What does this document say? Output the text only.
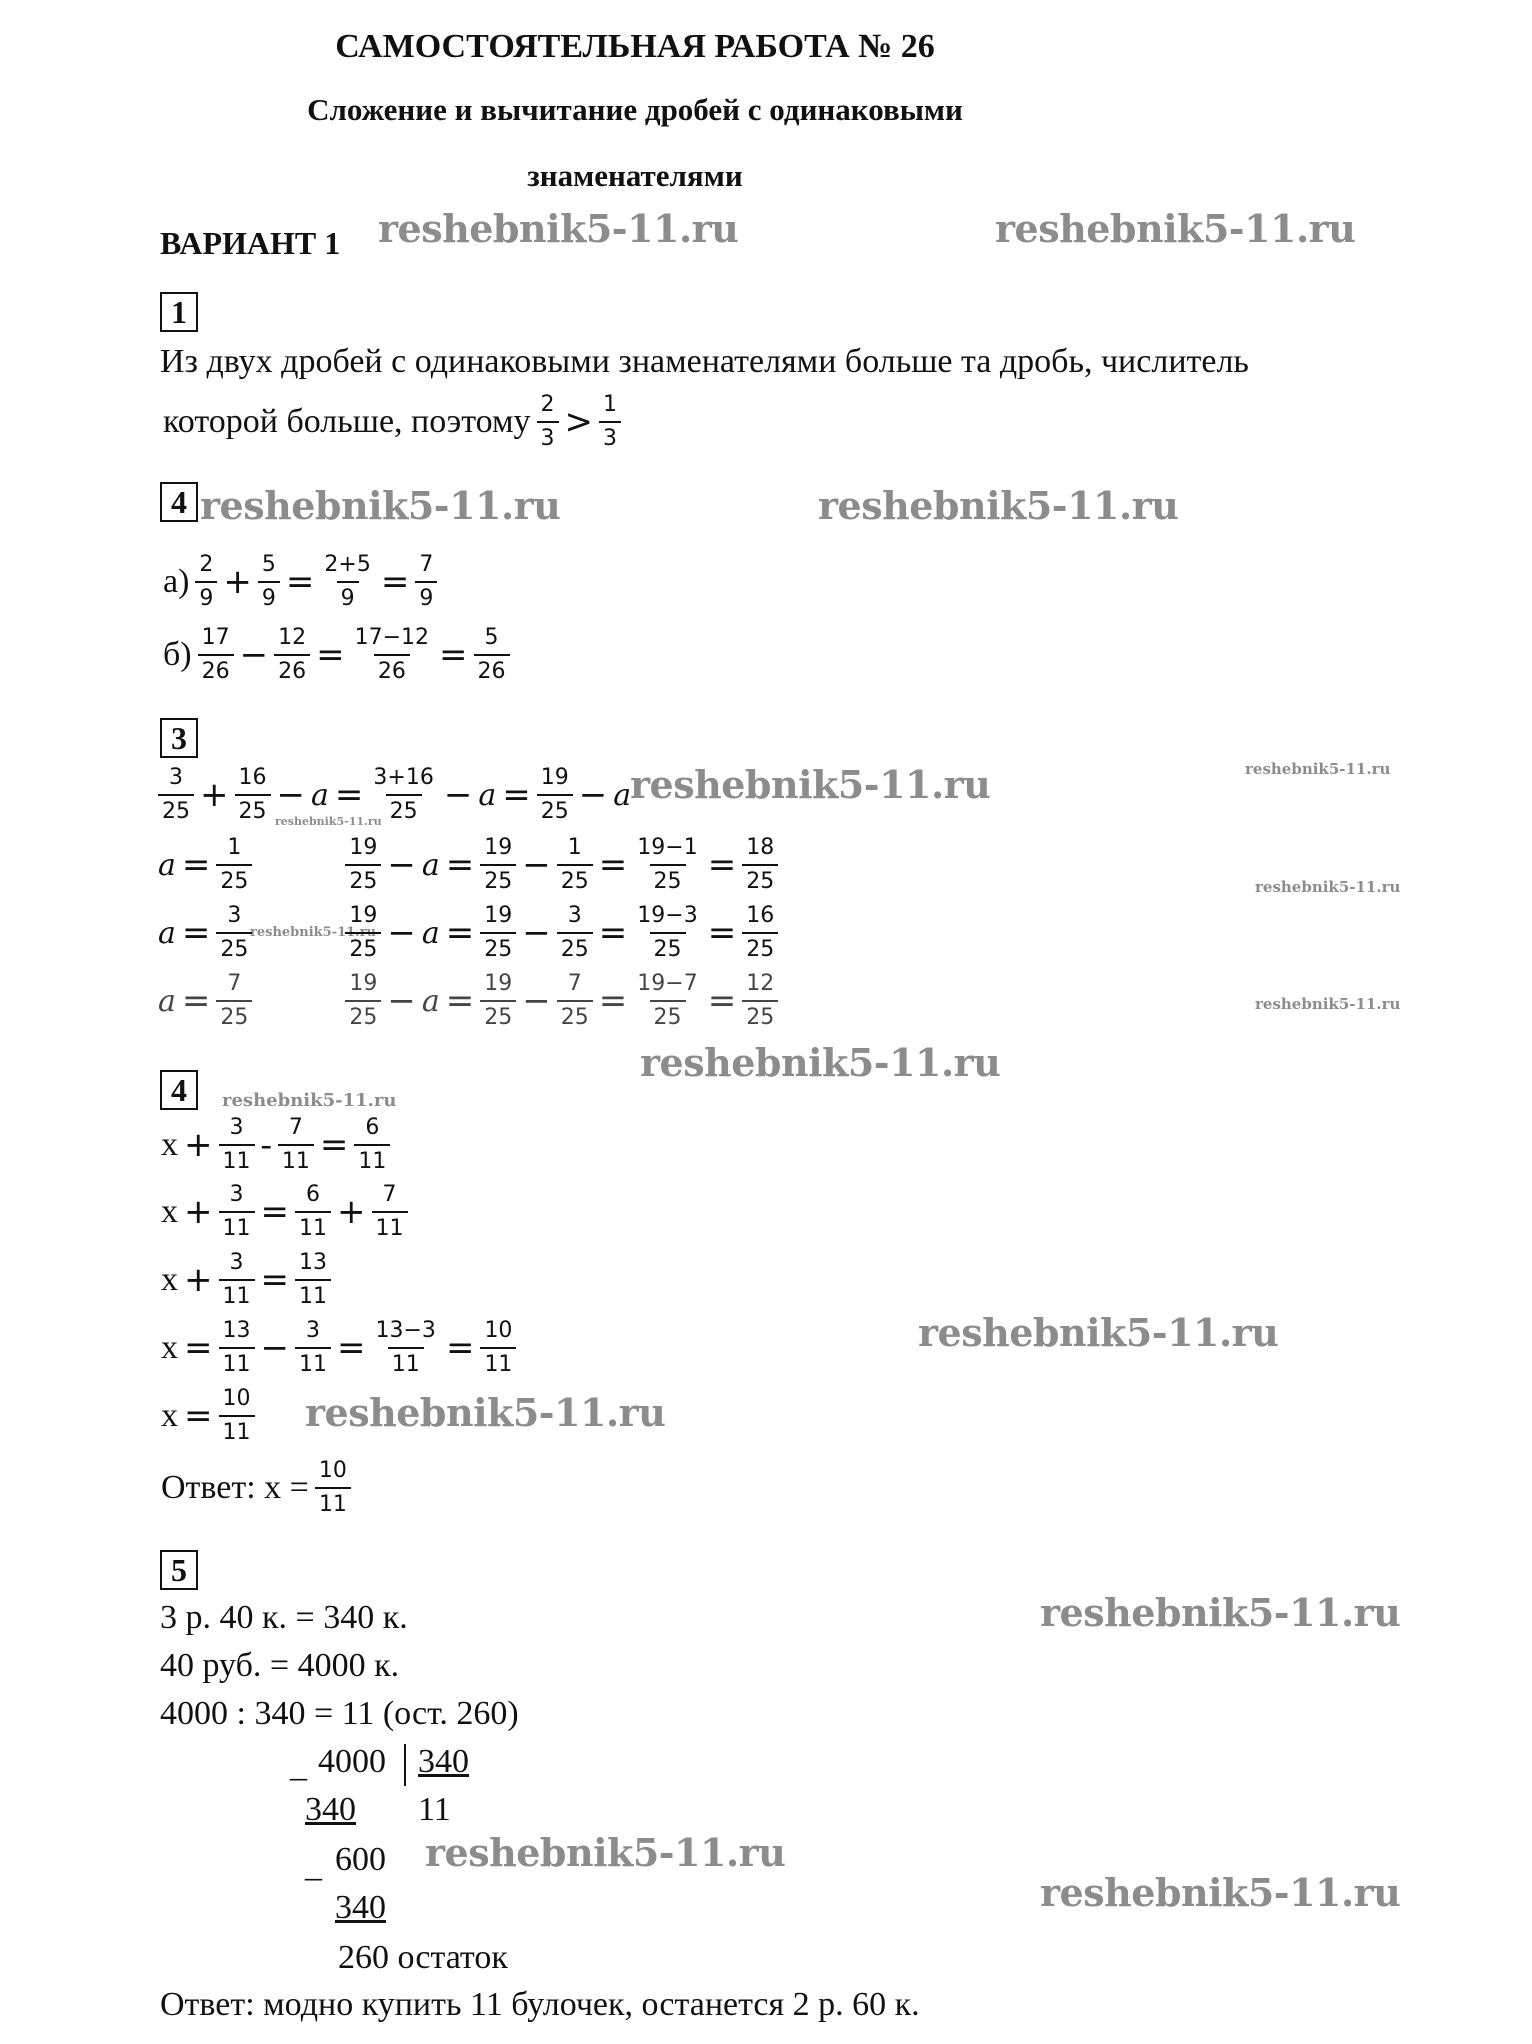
САМОСТОЯТЕЛЬНАЯ РАБОТА № 26
Сложение и вычитание дробей с одинаковыми
знаменателями
ВАРИАНТ 1 reshebnik5-11.ru	reshebnik5-11.ru
reshebnik5-11.ru	reshebnik5-11.ru
reshebnik5-11.ru	reshebnik5-11.ru
reshebnik5-11.ru
reshebnik5-11.ru
reshebnik5-11.ru
reshebnik5-11.ru
reshebnik5-11.ru
reshebnik5-11.ru
reshebnik5-11.ru
reshebnik5-11.ru
reshebnik5-11.ru
reshebnik5-11.ru
reshebnik5-11.ru
1
Из двух дробей с одинаковыми знаменателями больше та дробь, числитель
которой больше, поэтому $\frac{2}{3} > \frac{1}{3}$
4
$а) \frac{2}{9} + \frac{5}{9} = \frac{2+5}{9} = \frac{7}{9}$
$б) \frac{17}{26} - \frac{12}{26} = \frac{17-12}{26} = \frac{5}{26}$
3
$\frac{3}{25} + \frac{16}{25} - a = \frac{3+16}{25} - a = \frac{19}{25} - a$
$a = \frac{1}{25}$	$\frac{19}{25} - a = \frac{19}{25} - \frac{1}{25} = \frac{19-1}{25} = \frac{18}{25}$
$a = \frac{3}{25}$	$\frac{19}{25} - a = \frac{19}{25} - \frac{3}{25} = \frac{19-3}{25} = \frac{16}{25}$
$a = \frac{7}{25}$	$\frac{19}{25} - a = \frac{19}{25} - \frac{7}{25} = \frac{19-7}{25} = \frac{12}{25}$
4
$x + \frac{3}{11} - \frac{7}{11} = \frac{6}{11}$
$x + \frac{3}{11} = \frac{6}{11} + \frac{7}{11}$
$x + \frac{3}{11} = \frac{13}{11}$
$x = \frac{13}{11} - \frac{3}{11} = \frac{13-3}{11} = \frac{10}{11}$
$x = \frac{10}{11}$
Ответ: $x = \frac{10}{11}$
5
3 р. 40 к. = 340 к.
40 руб. = 4000 к.
4000 : 340 = 11 (ост. 260)
_ 4000 340
340 11
_ 600
340
260 остаток
Ответ: модно купить 11 булочек, останется 2 р. 60 к.
